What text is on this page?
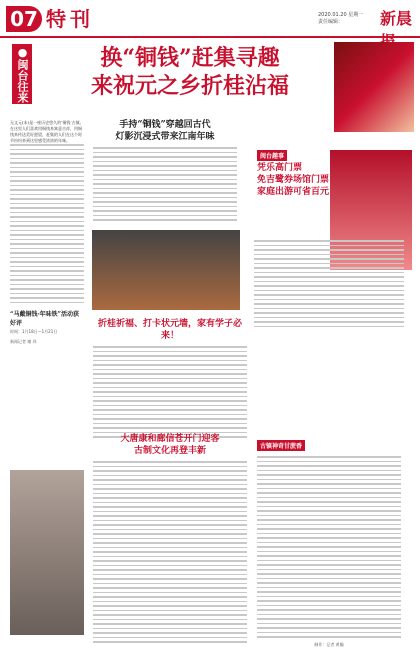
07 特刊	2020.01.20 星期一
责任编辑：	新晨
●闽台往来	换“铜钱”赶集寻趣
来祝元之乡折桂沾福
无文元(未)是一座历史悠久的‘铜钱’古镇，在这里人们喜欢用铜钱来寓意吉祥，用铜钱来传达美好愿望，赶集的人们在这个时节纷纷来到这里感受浓浓的年味。
“马戴铜钱·年味铁”活动获好评
时间：1月18日—1月21日
新闻记者 谢 玮
手持“铜钱”穿越回古代
灯影沉浸式带来江南年味
闽台趣事
凭乐高门票
免吉鹭券场馆门票
家庭出游可省百元
折桂祈福、打卡状元墙，家有学子必来！
大唐康和廊信苍开门迎客
古制文化再登丰新	古镇神奇甘蔗香
制作：记者 黄瀚
